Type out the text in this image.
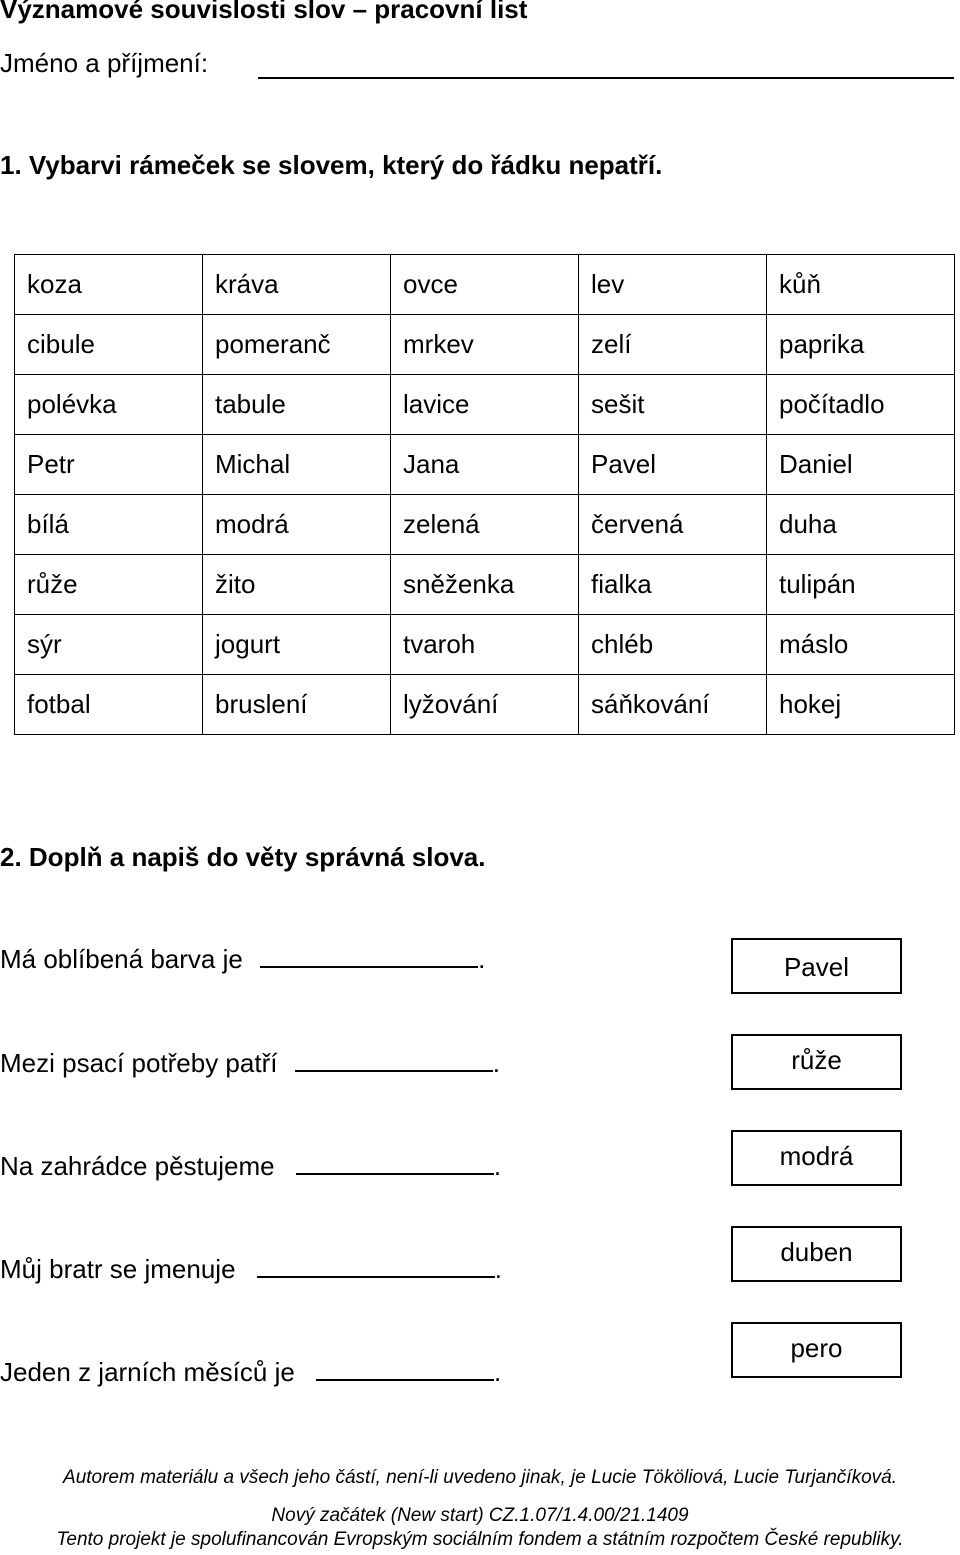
Významové souvislosti slov – pracovní list
Jméno a příjmení:
1. Vybarvi rámeček se slovem, který do řádku nepatří.
koza	kráva	ovce	lev	kůň
cibule	pomeranč	mrkev	zelí	paprika
polévka	tabule	lavice	sešit	počítadlo
Petr	Michal	Jana	Pavel	Daniel
bílá	modrá	zelená	červená	duha
růže	žito	sněženka	fialka	tulipán
sýr	jogurt	tvaroh	chléb	máslo
fotbal	bruslení	lyžování	sáňkování	hokej
2. Doplň a napiš do věty správná slova.
Má oblíbená barva je	.
Mezi psací potřeby patří	.
Na zahrádce pěstujeme	.
Můj bratr se jmenuje	.
Jeden z jarních měsíců je	.
Pavel
růže
modrá
duben
pero
Autorem materiálu a všech jeho částí, není-li uvedeno jinak, je Lucie Tököliová, Lucie Turjančíková.
Nový začátek (New start) CZ.1.07/1.4.00/21.1409
Tento projekt je spolufinancován Evropským sociálním fondem a státním rozpočtem České republiky.
